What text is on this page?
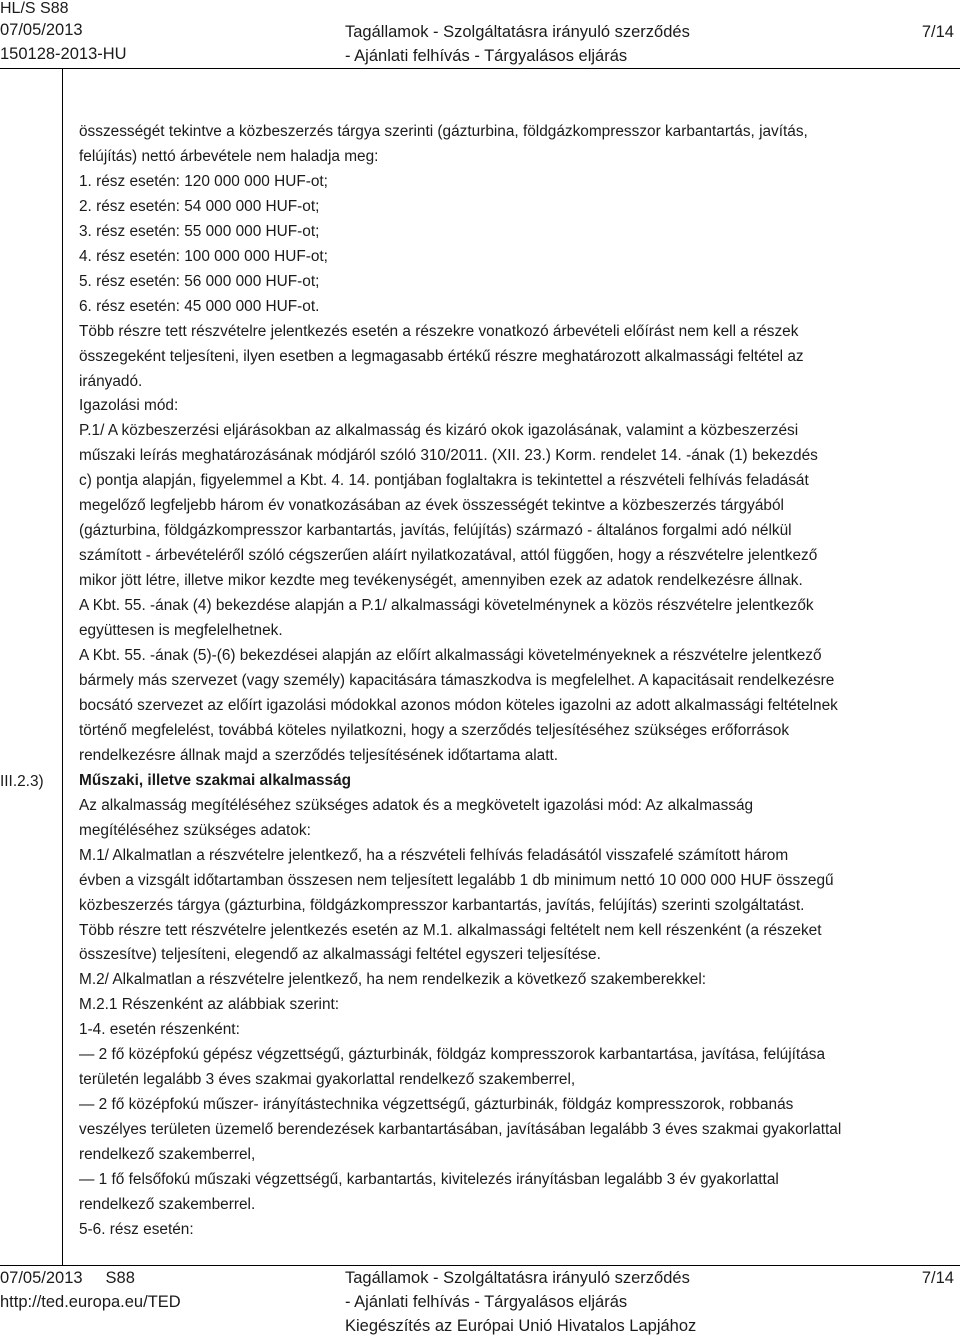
HL/S S88
07/05/2013
150128-2013-HU
Tagállamok - Szolgáltatásra irányuló szerződés
- Ajánlati felhívás - Tárgyalásos eljárás
7/14
III.2.3)
összességét tekintve a közbeszerzés tárgya szerinti (gázturbina, földgázkompresszor karbantartás, javítás,
felújítás) nettó árbevétele nem haladja meg:
1. rész esetén: 120 000 000 HUF-ot;
2. rész esetén: 54 000 000 HUF-ot;
3. rész esetén: 55 000 000 HUF-ot;
4. rész esetén: 100 000 000 HUF-ot;
5. rész esetén: 56 000 000 HUF-ot;
6. rész esetén: 45 000 000 HUF-ot.
Több részre tett részvételre jelentkezés esetén a részekre vonatkozó árbevételi előírást nem kell a részek
összegeként teljesíteni, ilyen esetben a legmagasabb értékű részre meghatározott alkalmassági feltétel az
irányadó.
Igazolási mód:
P.1/ A közbeszerzési eljárásokban az alkalmasság és kizáró okok igazolásának, valamint a közbeszerzési
műszaki leírás meghatározásának módjáról szóló 310/2011. (XII. 23.) Korm. rendelet 14. -ának (1) bekezdés
c) pontja alapján, figyelemmel a Kbt. 4. 14. pontjában foglaltakra is tekintettel a részvételi felhívás feladását
megelőző legfeljebb három év vonatkozásában az évek összességét tekintve a közbeszerzés tárgyából
(gázturbina, földgázkompresszor karbantartás, javítás, felújítás) származó - általános forgalmi adó nélkül
számított - árbevételéről szóló cégszerűen aláírt nyilatkozatával, attól függően, hogy a részvételre jelentkező
mikor jött létre, illetve mikor kezdte meg tevékenységét, amennyiben ezek az adatok rendelkezésre állnak.
A Kbt. 55. -ának (4) bekezdése alapján a P.1/ alkalmassági követelménynek a közös részvételre jelentkezők
együttesen is megfelelhetnek.
A Kbt. 55. -ának (5)-(6) bekezdései alapján az előírt alkalmassági követelményeknek a részvételre jelentkező
bármely más szervezet (vagy személy) kapacitására támaszkodva is megfelelhet. A kapacitásait rendelkezésre
bocsátó szervezet az előírt igazolási módokkal azonos módon köteles igazolni az adott alkalmassági feltételnek
történő megfelelést, továbbá köteles nyilatkozni, hogy a szerződés teljesítéséhez szükséges erőforrások
rendelkezésre állnak majd a szerződés teljesítésének időtartama alatt.
Műszaki, illetve szakmai alkalmasság
Az alkalmasság megítéléséhez szükséges adatok és a megkövetelt igazolási mód: Az alkalmasság
megítéléséhez szükséges adatok:
M.1/ Alkalmatlan a részvételre jelentkező, ha a részvételi felhívás feladásától visszafelé számított három
évben a vizsgált időtartamban összesen nem teljesített legalább 1 db minimum nettó 10 000 000 HUF összegű
közbeszerzés tárgya (gázturbina, földgázkompresszor karbantartás, javítás, felújítás) szerinti szolgáltatást.
Több részre tett részvételre jelentkezés esetén az M.1. alkalmassági feltételt nem kell részenként (a részeket
összesítve) teljesíteni, elegendő az alkalmassági feltétel egyszeri teljesítése.
M.2/ Alkalmatlan a részvételre jelentkező, ha nem rendelkezik a következő szakemberekkel:
M.2.1 Részenként az alábbiak szerint:
1-4. esetén részenként:
— 2 fő középfokú gépész végzettségű, gázturbinák, földgáz kompresszorok karbantartása, javítása, felújítása
területén legalább 3 éves szakmai gyakorlattal rendelkező szakemberrel,
— 2 fő középfokú műszer- irányítástechnika végzettségű, gázturbinák, földgáz kompresszorok, robbanás
veszélyes területen üzemelő berendezések karbantartásában, javításában legalább 3 éves szakmai gyakorlattal
rendelkező szakemberrel,
— 1 fő felsőfokú műszaki végzettségű, karbantartás, kivitelezés irányításban legalább 3 év gyakorlattal
rendelkező szakemberrel.
5-6. rész esetén:
07/05/2013 S88
http://ted.europa.eu/TED
Tagállamok - Szolgáltatásra irányuló szerződés
- Ajánlati felhívás - Tárgyalásos eljárás
Kiegészítés az Európai Unió Hivatalos Lapjához
7/14
